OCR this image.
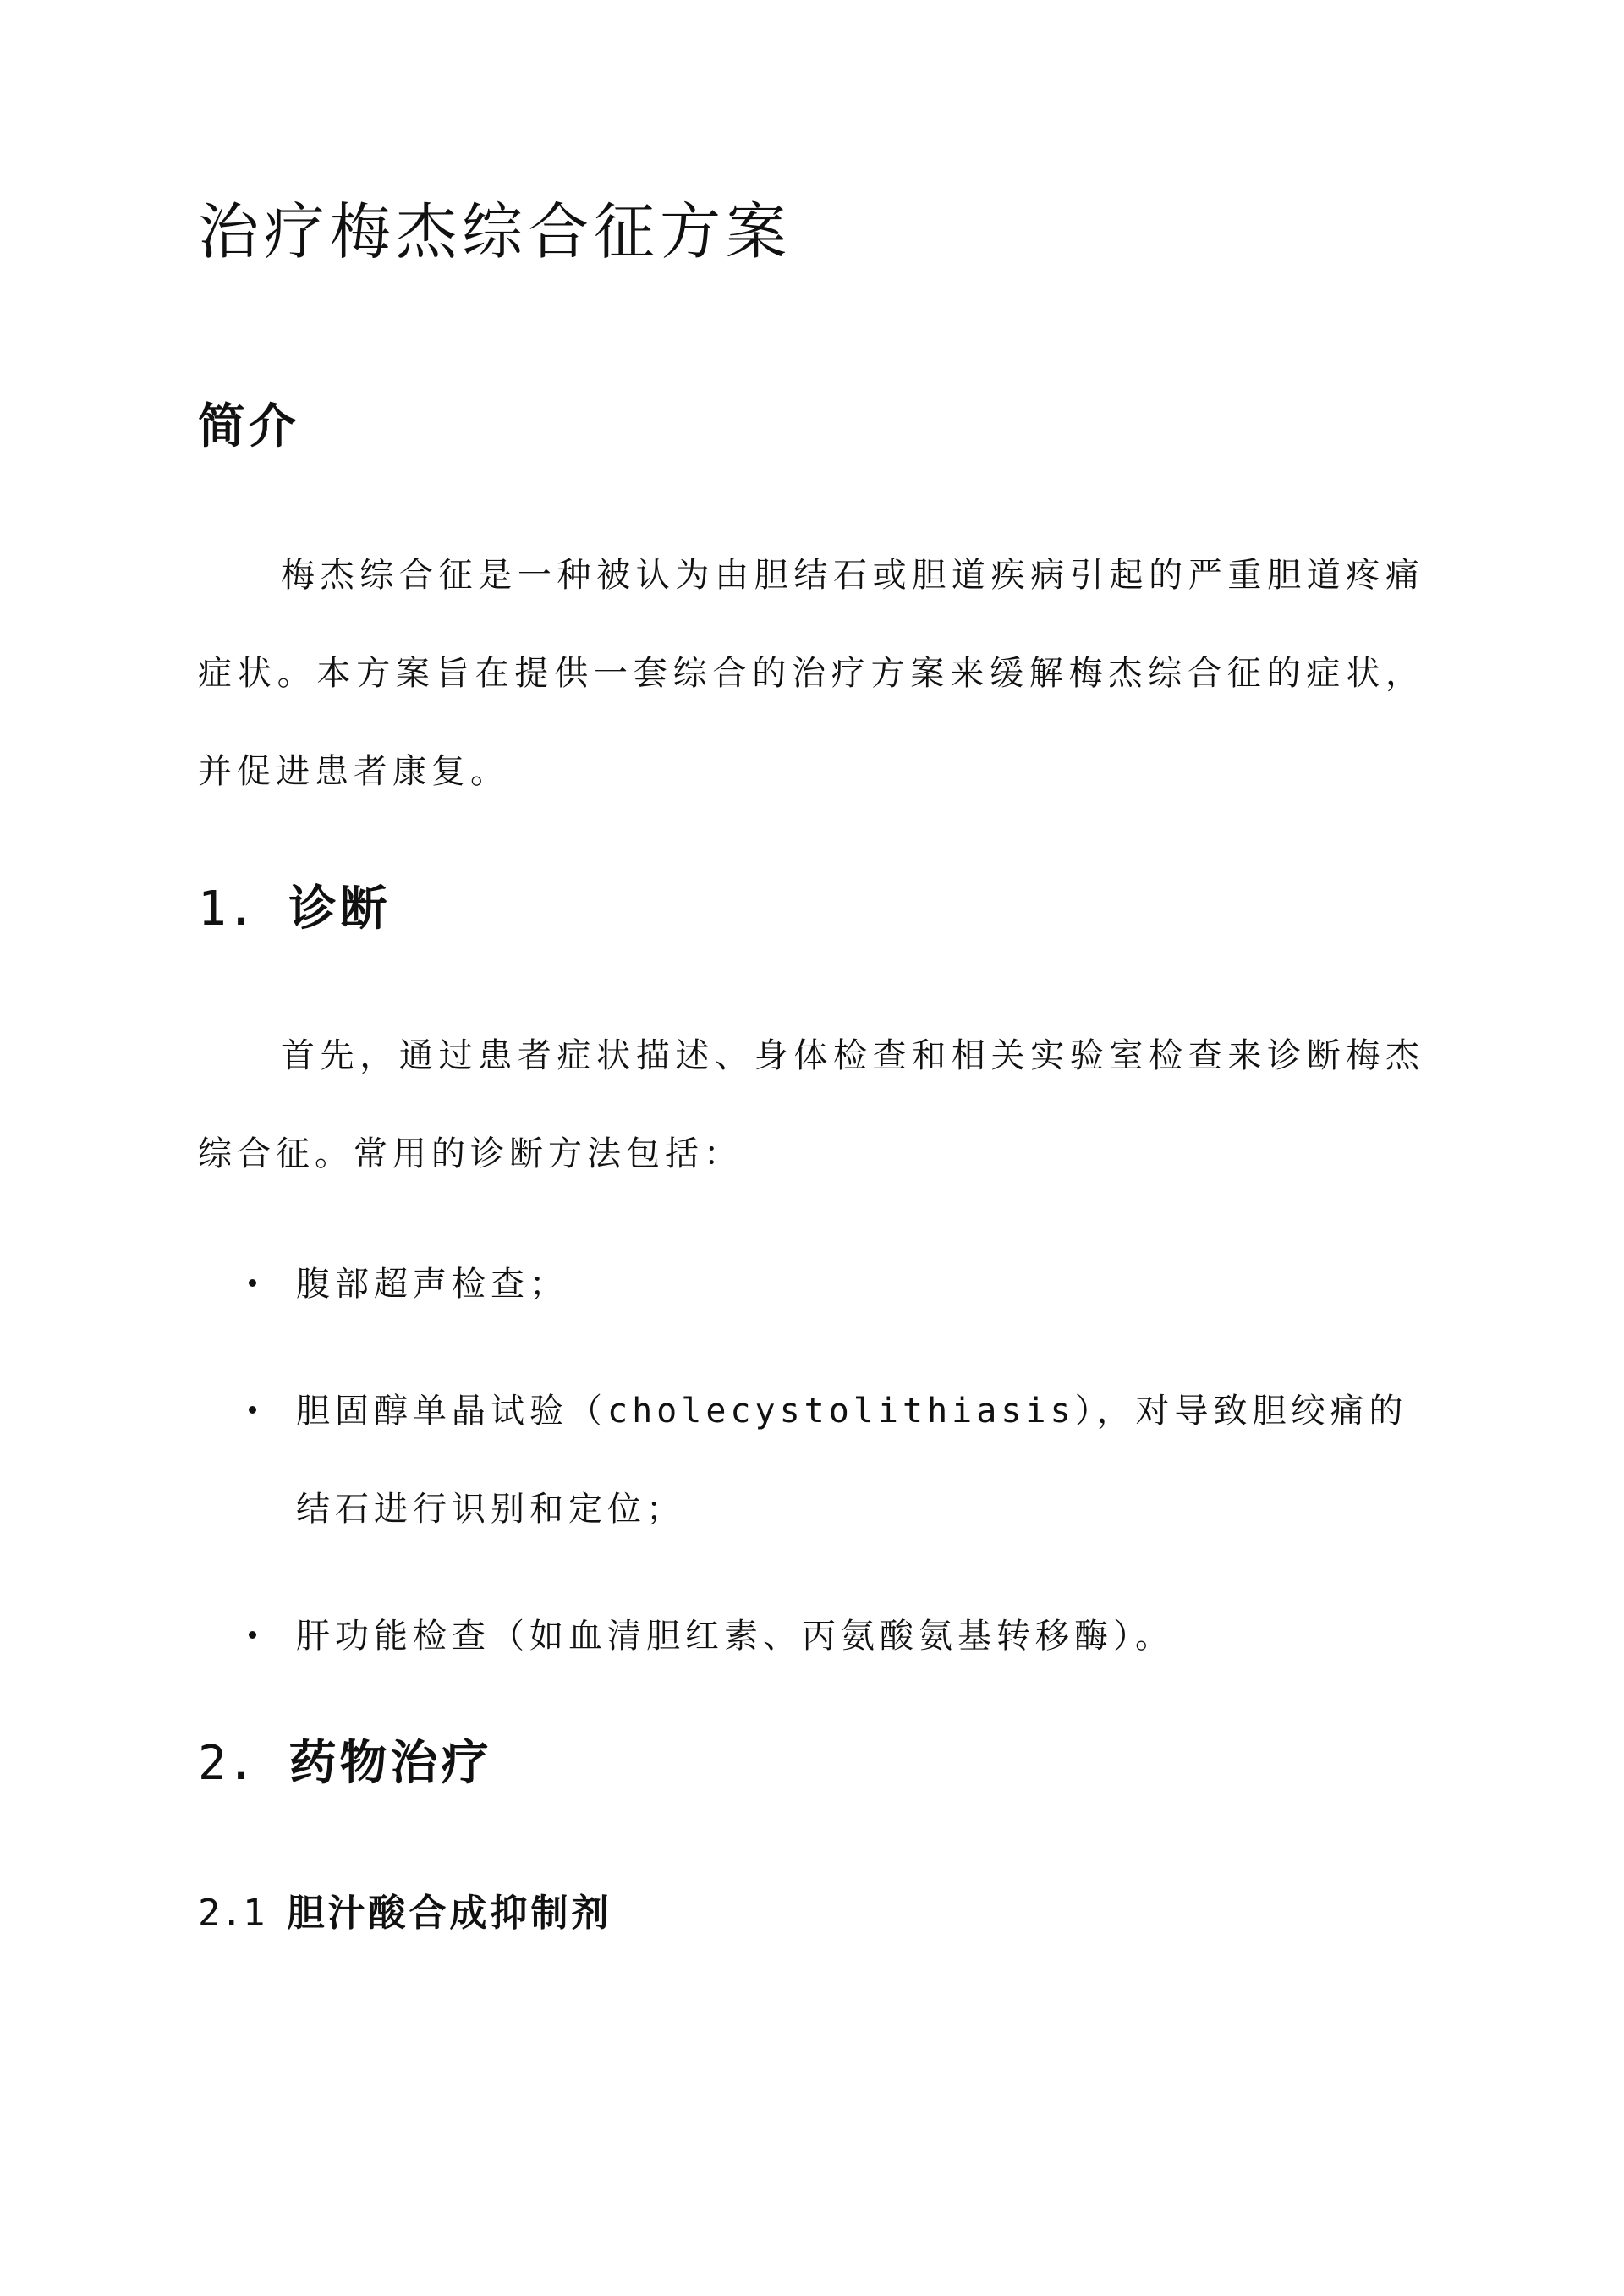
治疗梅杰综合征方案
简介

梅杰综合征是一种被认为由胆结石或胆道疾病引起的严重胆道疼痛症状。本方案旨在提供一套综合的治疗方案来缓解梅杰综合征的症状，并促进患者康复。

1. 诊断

首先，通过患者症状描述、身体检查和相关实验室检查来诊断梅杰综合征。常用的诊断方法包括：

腹部超声检查；
胆固醇单晶试验（cholecystolithiasis），对导致胆绞痛的结石进行识别和定位；
肝功能检查（如血清胆红素、丙氨酸氨基转移酶）。
2. 药物治疗
2.1 胆汁酸合成抑制剂
